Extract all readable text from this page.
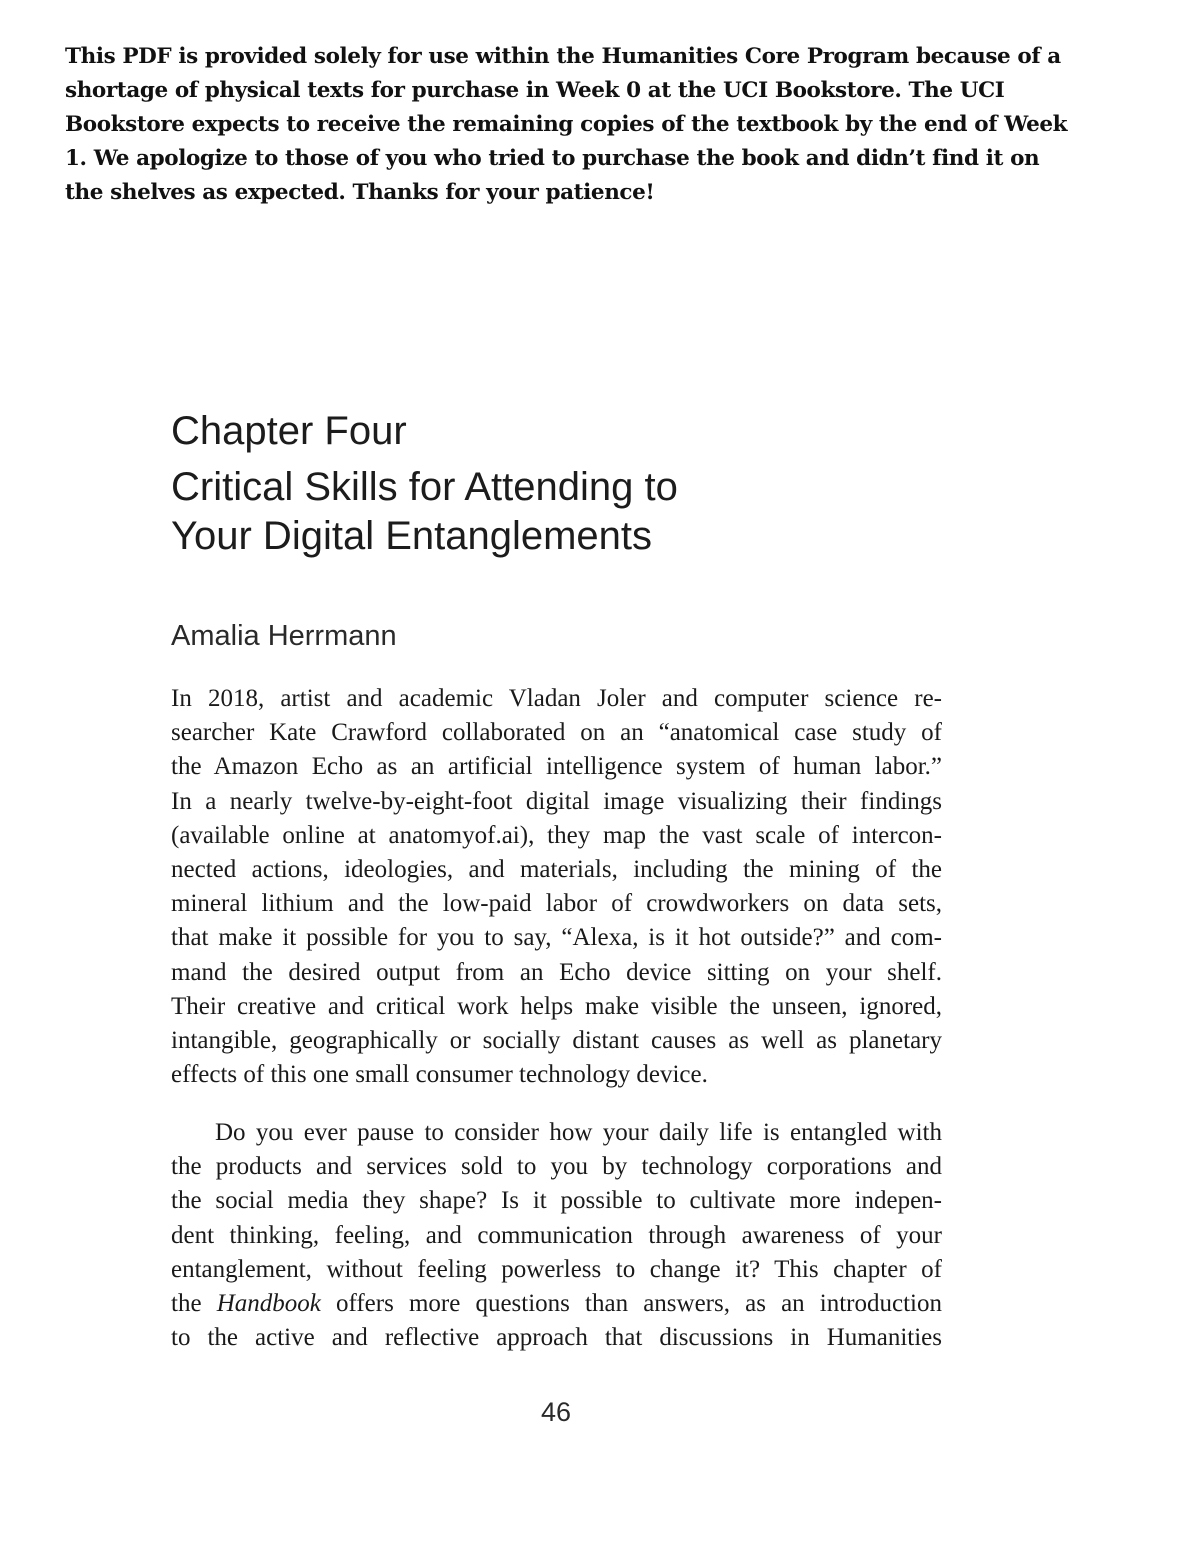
This PDF is provided solely for use within the Humanities Core Program because of a
shortage of physical texts for purchase in Week 0 at the UCI Bookstore. The UCI
Bookstore expects to receive the remaining copies of the textbook by the end of Week
1. We apologize to those of you who tried to purchase the book and didn’t find it on
the shelves as expected. Thanks for your patience!
Chapter Four
Critical Skills for Attending to
Your Digital Entanglements
Amalia Herrmann
In 2018, artist and academic Vladan Joler and computer science re-
searcher Kate Crawford collaborated on an “anatomical case study of
the Amazon Echo as an artificial intelligence system of human labor.”
In a nearly twelve-by-eight-foot digital image visualizing their findings
(available online at anatomyof.ai), they map the vast scale of intercon-
nected actions, ideologies, and materials, including the mining of the
mineral lithium and the low-paid labor of crowdworkers on data sets,
that make it possible for you to say, “Alexa, is it hot outside?” and com-
mand the desired output from an Echo device sitting on your shelf.
Their creative and critical work helps make visible the unseen, ignored,
intangible, geographically or socially distant causes as well as planetary
effects of this one small consumer technology device.
Do you ever pause to consider how your daily life is entangled with
the products and services sold to you by technology corporations and
the social media they shape? Is it possible to cultivate more indepen-
dent thinking, feeling, and communication through awareness of your
entanglement, without feeling powerless to change it? This chapter of
the Handbook offers more questions than answers, as an introduction
to the active and reflective approach that discussions in Humanities
46
